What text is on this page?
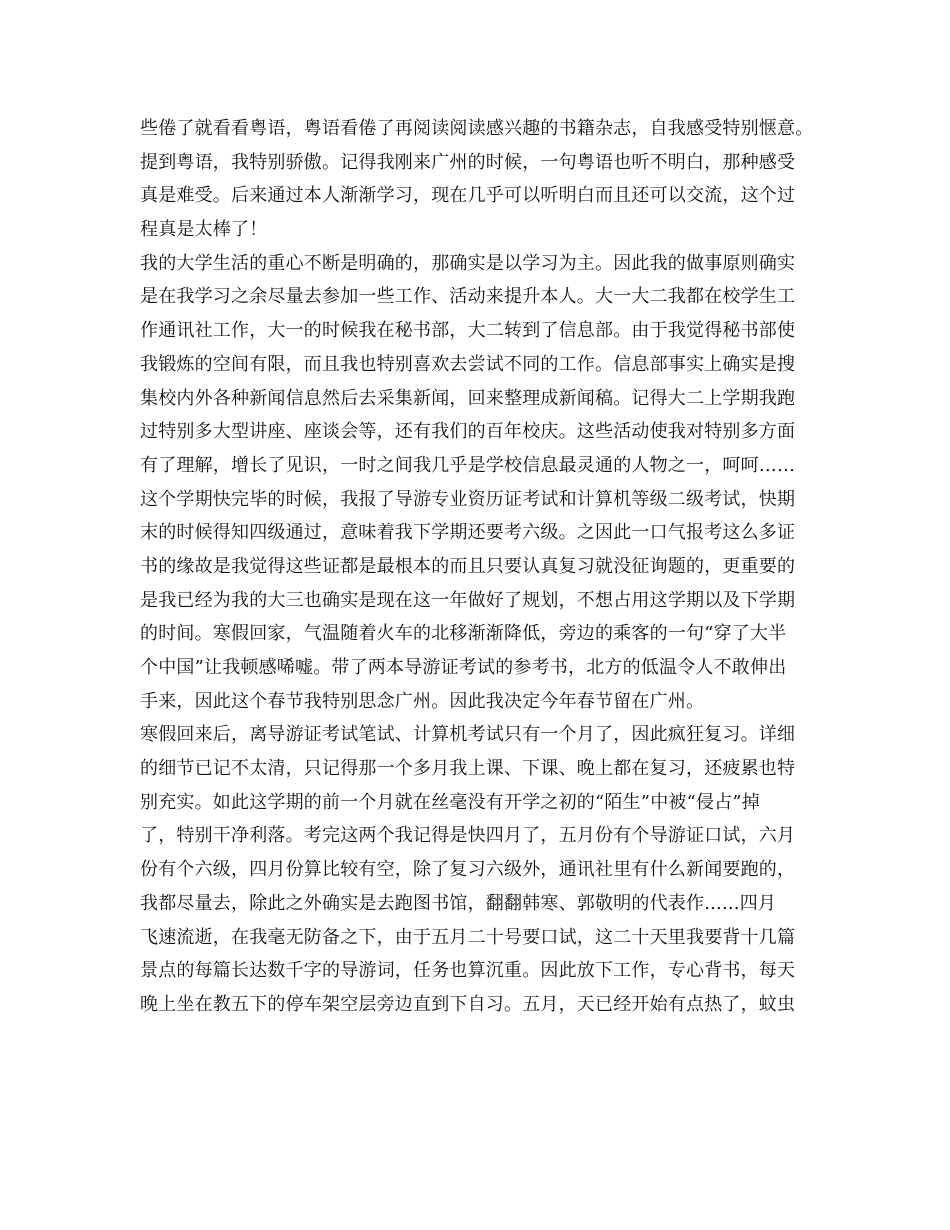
些倦了就看看粤语，粤语看倦了再阅读阅读感兴趣的书籍杂志，自我感受特别惬意。
提到粤语，我特别骄傲。记得我刚来广州的时候，一句粤语也听不明白，那种感受
真是难受。后来通过本人渐渐学习，现在几乎可以听明白而且还可以交流，这个过
程真是太棒了！
我的大学生活的重心不断是明确的，那确实是以学习为主。因此我的做事原则确实
是在我学习之余尽量去参加一些工作、活动来提升本人。大一大二我都在校学生工
作通讯社工作，大一的时候我在秘书部，大二转到了信息部。由于我觉得秘书部使
我锻炼的空间有限，而且我也特别喜欢去尝试不同的工作。信息部事实上确实是搜
集校内外各种新闻信息然后去采集新闻，回来整理成新闻稿。记得大二上学期我跑
过特别多大型讲座、座谈会等，还有我们的百年校庆。这些活动使我对特别多方面
有了理解，增长了见识，一时之间我几乎是学校信息最灵通的人物之一，呵呵……
这个学期快完毕的时候，我报了导游专业资历证考试和计算机等级二级考试，快期
末的时候得知四级通过，意味着我下学期还要考六级。之因此一口气报考这么多证
书的缘故是我觉得这些证都是最根本的而且只要认真复习就没征询题的，更重要的
是我已经为我的大三也确实是现在这一年做好了规划，不想占用这学期以及下学期
的时间。寒假回家，气温随着火车的北移渐渐降低，旁边的乘客的一句“穿了大半
个中国”让我顿感唏嘘。带了两本导游证考试的参考书，北方的低温令人不敢伸出
手来，因此这个春节我特别思念广州。因此我决定今年春节留在广州。
寒假回来后，离导游证考试笔试、计算机考试只有一个月了，因此疯狂复习。详细
的细节已记不太清，只记得那一个多月我上课、下课、晚上都在复习，还疲累也特
别充实。如此这学期的前一个月就在丝毫没有开学之初的“陌生”中被“侵占”掉
了，特别干净利落。考完这两个我记得是快四月了，五月份有个导游证口试，六月
份有个六级，四月份算比较有空，除了复习六级外，通讯社里有什么新闻要跑的，
我都尽量去，除此之外确实是去跑图书馆，翻翻韩寒、郭敬明的代表作......四月
飞速流逝，在我毫无防备之下，由于五月二十号要口试，这二十天里我要背十几篇
景点的每篇长达数千字的导游词，任务也算沉重。因此放下工作，专心背书，每天
晚上坐在教五下的停车架空层旁边直到下自习。五月，天已经开始有点热了，蚊虫
